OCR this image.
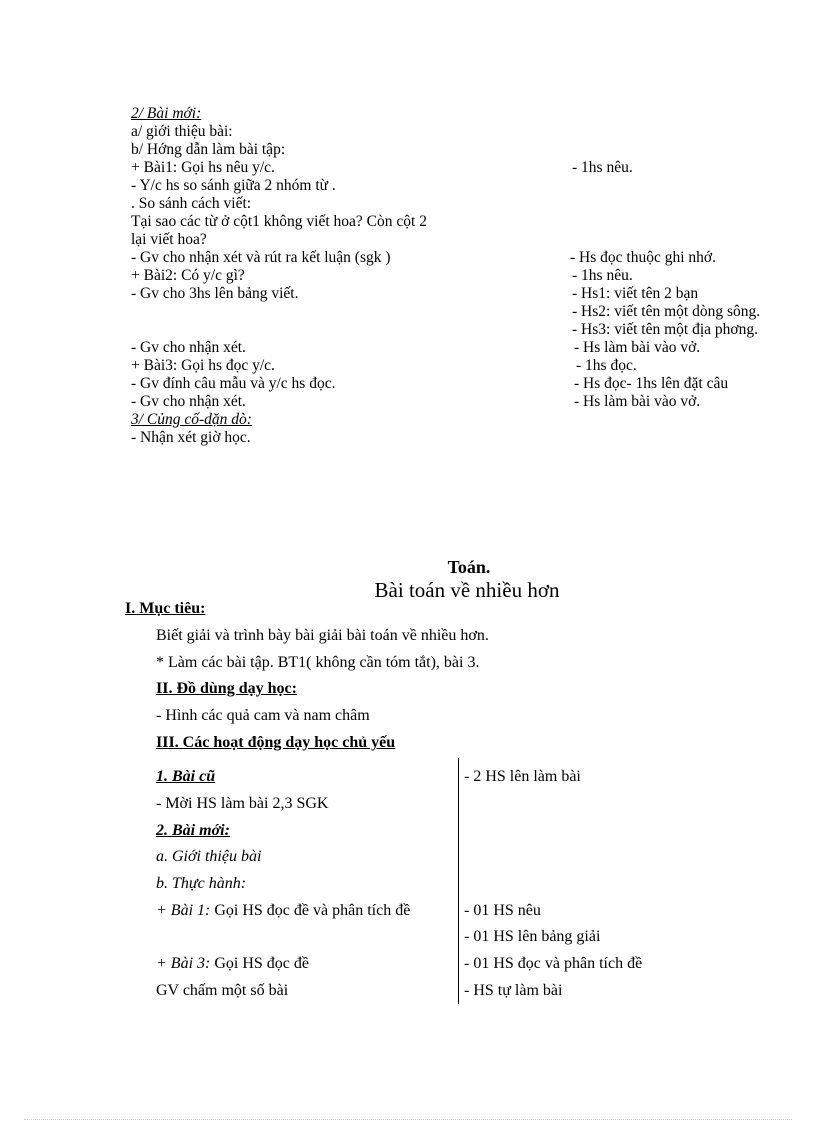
2/ Bài mới:
a/ giới thiệu bài:
b/ Hớng dẫn làm bài tập:
+ Bài1: Gọi hs nêu y/c.
- Y/c hs so sánh giữa 2 nhóm từ .
. So sánh cách viết:
Tại sao các từ ở cột1 không viết hoa? Còn cột 2
lại viết hoa?
- Gv cho nhận xét và rút ra kết luận (sgk )
+ Bài2: Có y/c gì?
- Gv cho 3hs lên bảng viết.
- Gv cho nhận xét.
+ Bài3: Gọi hs đọc y/c.
- Gv đính câu mẫu và y/c hs đọc.
- Gv cho nhận xét.
3/ Củng cố-dặn dò:
- Nhận xét giờ học.
- 1hs nêu.
- Hs đọc thuộc ghi nhớ.
- 1hs nêu.
- Hs1: viết tên 2 bạn
- Hs2: viết tên một dòng sông.
- Hs3: viết tên một địa phơng.
- Hs làm bài vào vở.
- 1hs đọc.
- Hs đọc- 1hs lên đặt câu
- Hs làm bài vào vở.
Toán.
Bài toán về nhiều hơn
I. Mục tiêu:
Biết giải và trình bày bài giải bài toán về nhiều hơn.
* Làm các bài tập. BT1( không cần tóm tắt), bài 3.
II. Đồ dùng dạy học:
- Hình các quả cam và nam châm
III. Các hoạt động dạy học chủ yếu
1. Bài cũ
- Mời HS làm bài 2,3 SGK
2. Bài mới:
a. Giới thiệu bài
b. Thực hành:
+ Bài 1: Gọi HS đọc đề và phân tích đề
+ Bài 3: Gọi HS đọc đề
GV chấm một số bài
- 2 HS lên làm bài
- 01 HS nêu
- 01 HS lên bảng giải
- 01 HS đọc và phân tích đề
- HS tự làm bài
